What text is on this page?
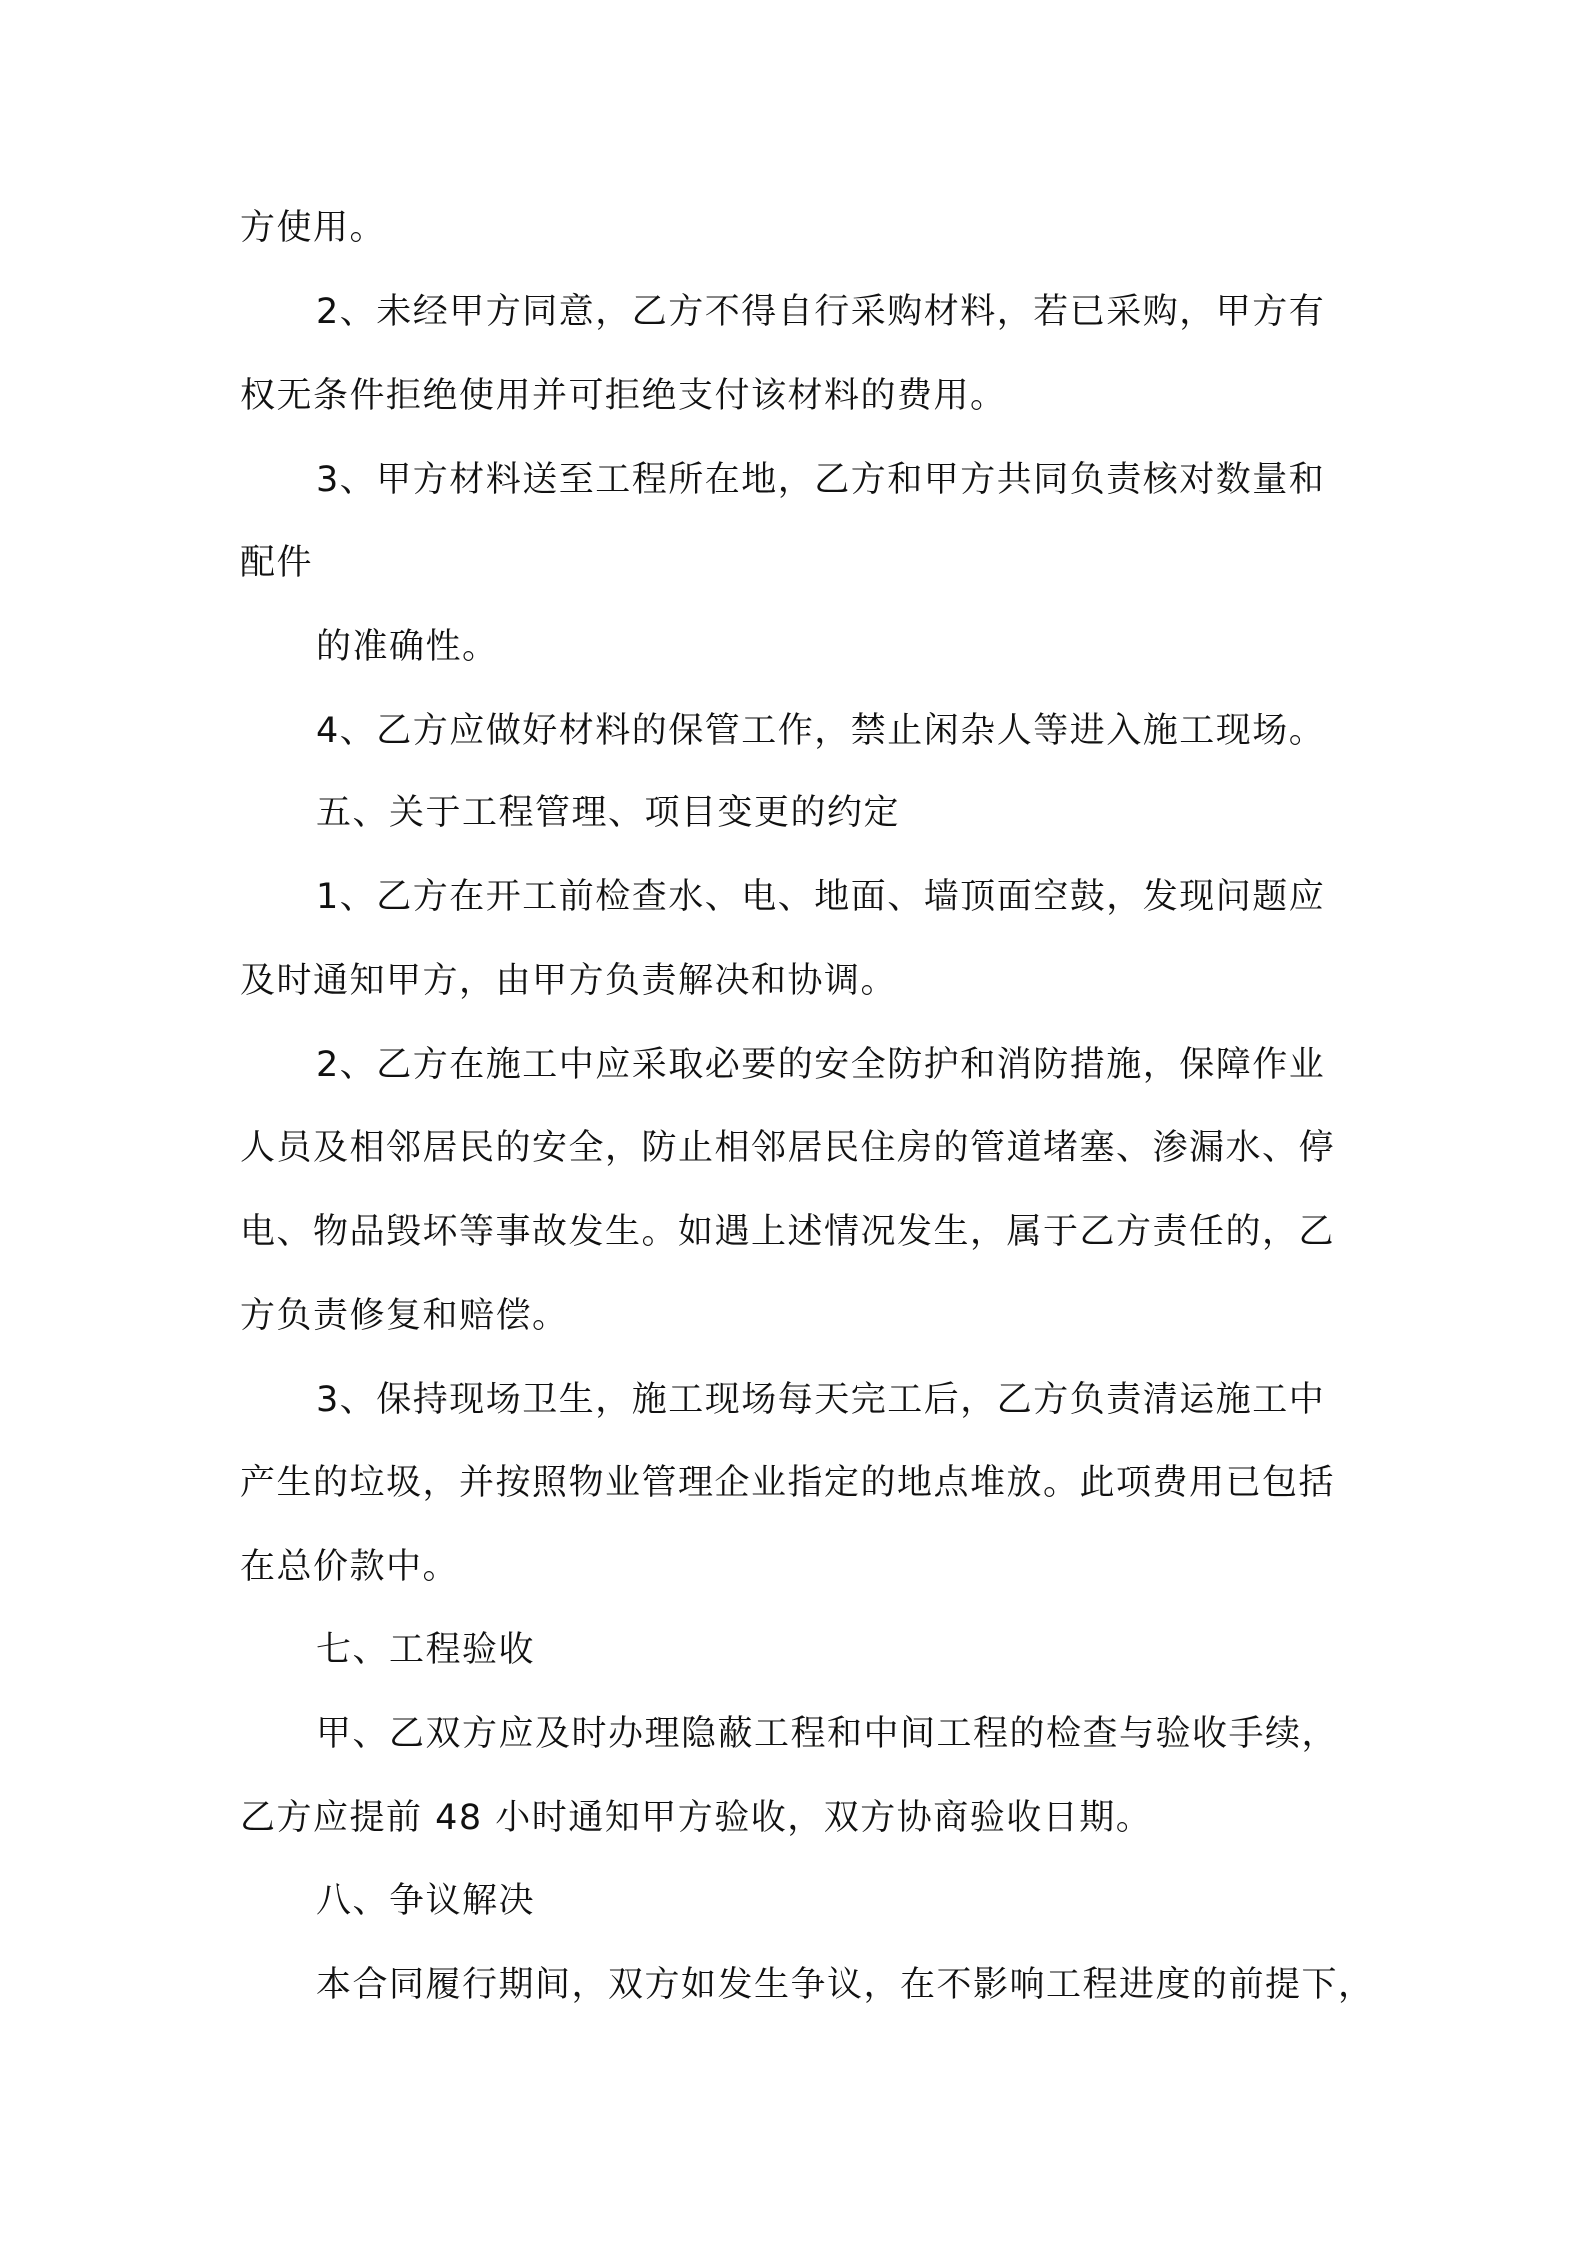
方使用。
2、未经甲方同意，乙方不得自行采购材料，若已采购，甲方有
权无条件拒绝使用并可拒绝支付该材料的费用。
3、甲方材料送至工程所在地，乙方和甲方共同负责核对数量和
配件
的准确性。
4、乙方应做好材料的保管工作，禁止闲杂人等进入施工现场。
五、关于工程管理、项目变更的约定
1、乙方在开工前检查水、电、地面、墙顶面空鼓，发现问题应
及时通知甲方，由甲方负责解决和协调。
2、乙方在施工中应采取必要的安全防护和消防措施，保障作业
人员及相邻居民的安全，防止相邻居民住房的管道堵塞、渗漏水、停
电、物品毁坏等事故发生。如遇上述情况发生，属于乙方责任的，乙
方负责修复和赔偿。
3、保持现场卫生，施工现场每天完工后，乙方负责清运施工中
产生的垃圾，并按照物业管理企业指定的地点堆放。此项费用已包括
在总价款中。
七、工程验收
甲、乙双方应及时办理隐蔽工程和中间工程的检查与验收手续，
乙方应提前 48 小时通知甲方验收，双方协商验收日期。
八、争议解决
本合同履行期间，双方如发生争议，在不影响工程进度的前提下，
